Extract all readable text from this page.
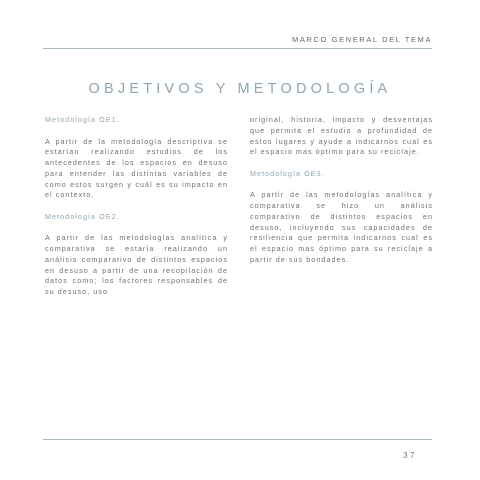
MARCO GENERAL DEL TEMA
OBJETIVOS Y METODOLOGÍA

Metodología OE1.

A partir de la metodología descriptiva se estarían realizando estudios de los antecedentes de los espacios en desuso para entender las distintas variables de como estos surgen y cuál es su impacto en el contexto.

Metodología OE2.

A partir de las metodologías analítica y comparativa se estaría realizando un análisis comparativo de distintos espacios en desuso a partir de una recopilación de datos como; los factores responsables de su desuso, uso

original, historia, impacto y desventajas que permita el estudio a profundidad de estos lugares y ayude a indicarnos cual es el espacio mas óptimo para su reciclaje.

Metodología OE3.

A partir de las metodologías analítica y comparativa se hizo un análisis comparativo de distintos espacios en desuso, incluyendo sus capacidades de resiliencia que permita indicarnos cual es el espacio mas óptimo para su reciclaje a partir de sus bondades.

37
